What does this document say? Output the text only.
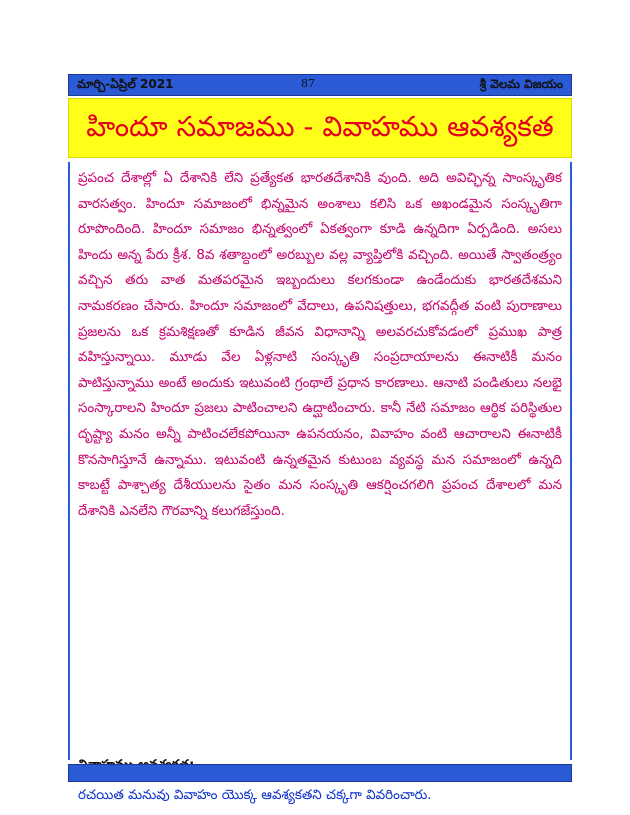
మార్చి-ఏప్రిల్ 2021	87	శ్రీ వెలమ విజయం
హిందూ సమాజము - వివాహము ఆవశ్యకత

ప్రపంచ దేశాల్లో ఏ దేశానికి లేని ప్రత్యేకత భారతదేశానికి వుంది. అది అవిచ్ఛిన్న సాంస్కృతిక వారసత్వం. హిందూ సమాజంలో భిన్నమైన అంశాలు కలిసి ఒక అఖండమైన సంస్కృతిగా రూపొందింది. హిందూ సమాజం భిన్నత్వంలో ఏకత్వంగా కూడి ఉన్నదిగా ఏర్పడింది. అసలు హిందు అన్న పేరు క్రీశ. 8వ శతాబ్దంలో అరబ్బుల వల్ల వ్యాప్తిలోకి వచ్చింది. అయితే స్వాతంత్ర్యం వచ్చిన తరు వాత మతపరమైన ఇబ్బందులు కలగకుండా ఉండేందుకు భారతదేశమని నామకరణం చేసారు. హిందూ సమాజంలో వేదాలు, ఉపనిషత్తులు, భగవద్గీత వంటి పురాణాలు ప్రజలను ఒక క్రమశిక్షణతో కూడిన జీవన విధానాన్ని అలవరచుకోవడంలో ప్రముఖ పాత్ర వహిస్తున్నాయి. మూడు వేల ఏళ్లనాటి సంస్కృతి సంప్రదాయాలను ఈనాటికీ మనం పాటిస్తున్నాము అంటే అందుకు ఇటువంటి గ్రంథాలే ప్రధాన కారణాలు. ఆనాటి పండితులు నలభై సంస్కారాలని హిందూ ప్రజలు పాటించాలని ఉద్ఘాటించారు. కానీ నేటి సమాజం ఆర్థిక పరిస్థితుల దృష్ట్యా మనం అన్నీ పాటించలేకపోయినా ఉపనయనం, వివాహం వంటి ఆచారాలని ఈనాటికీ కొనసాగిస్తూనే ఉన్నాము. ఇటువంటి ఉన్నతమైన కుటుంబ వ్యవస్థ మన సమాజంలో ఉన్నది కాబట్టే పాశ్చాత్య దేశీయులను సైతం మన సంస్కృతి ఆకర్షించగలిగి ప్రపంచ దేశాలలో మన దేశానికి ఎనలేని గౌరవాన్ని కలుగజేస్తుంది.

రచయిత మనువు వివాహం యొక్క ఆవశ్యకతని చక్కగా వివరించారు.
